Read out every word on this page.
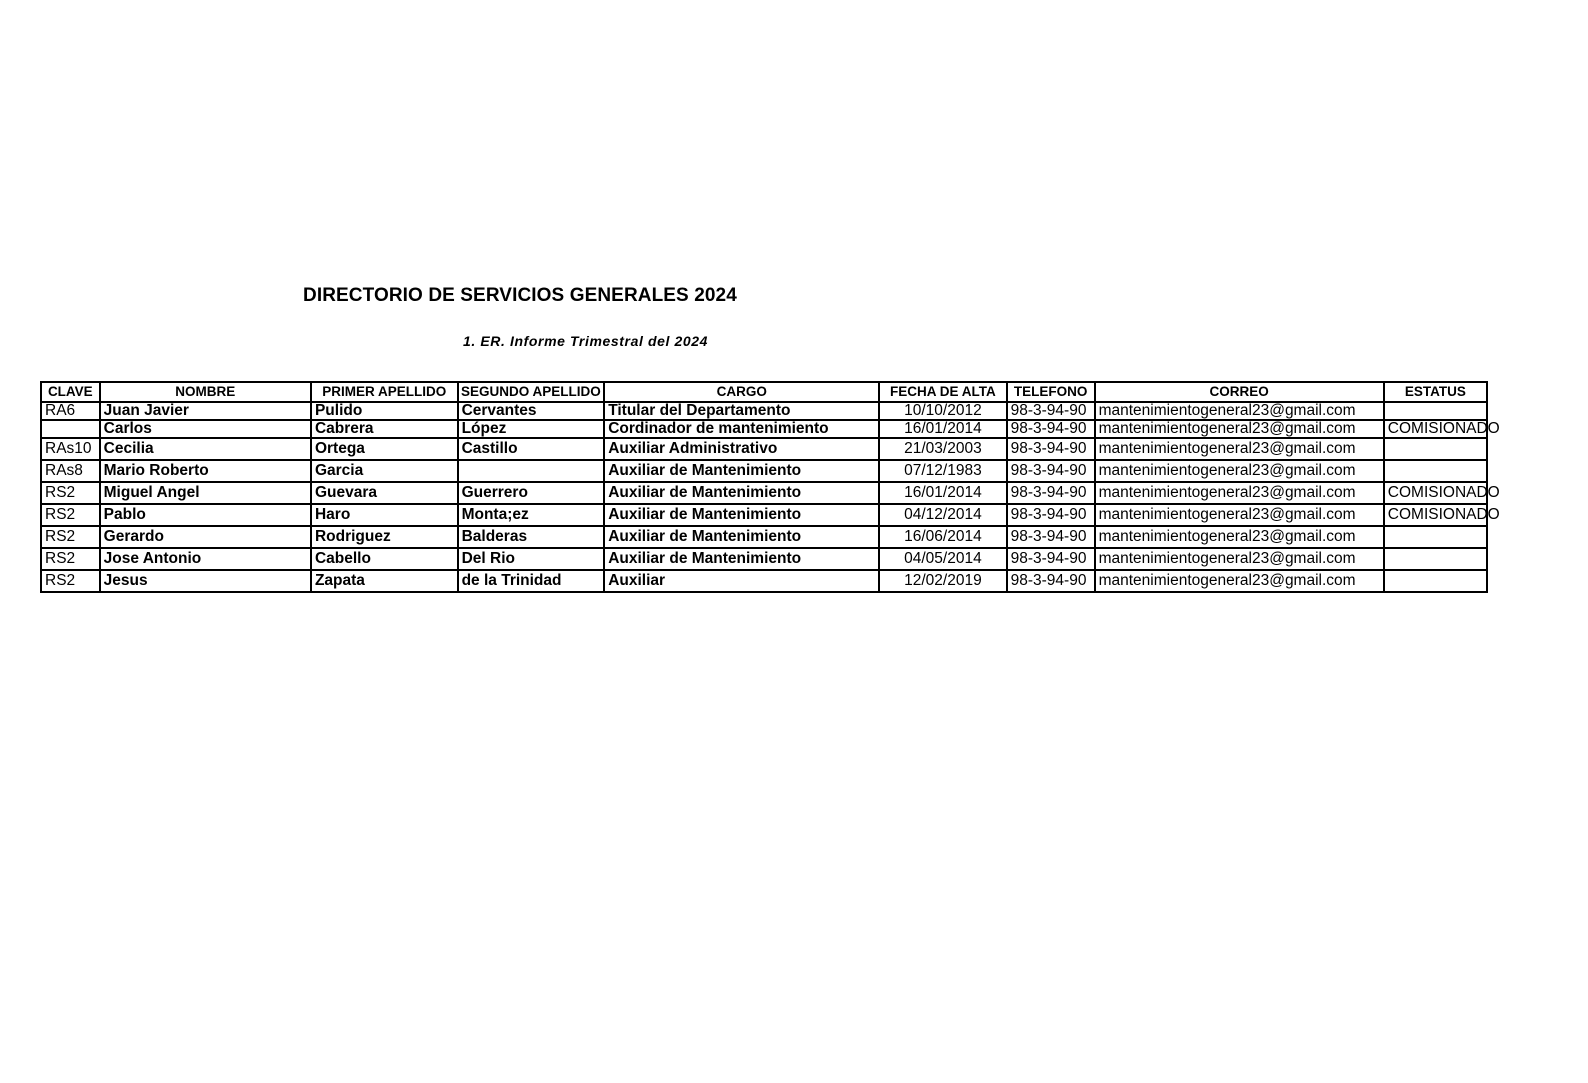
DIRECTORIO DE SERVICIOS GENERALES 2024
1. ER. Informe Trimestral del 2024
CLAVE	NOMBRE	PRIMER APELLIDO	SEGUNDO APELLIDO	CARGO	FECHA DE ALTA	TELEFONO	CORREO	ESTATUS
RA6	Juan Javier	Pulido	Cervantes	Titular del Departamento	10/10/2012	98-3-94-90	mantenimientogeneral23@gmail.com	
	Carlos	Cabrera	López	Cordinador de mantenimiento	16/01/2014	98-3-94-90	mantenimientogeneral23@gmail.com	COMISIONADO
RAs10	Cecilia	Ortega	Castillo	Auxiliar Administrativo	21/03/2003	98-3-94-90	mantenimientogeneral23@gmail.com	
RAs8	Mario Roberto	Garcia		Auxiliar de Mantenimiento	07/12/1983	98-3-94-90	mantenimientogeneral23@gmail.com	
RS2	Miguel Angel	Guevara	Guerrero	Auxiliar de Mantenimiento	16/01/2014	98-3-94-90	mantenimientogeneral23@gmail.com	COMISIONADO
RS2	Pablo	Haro	Monta;ez	Auxiliar de Mantenimiento	04/12/2014	98-3-94-90	mantenimientogeneral23@gmail.com	COMISIONADO
RS2	Gerardo	Rodriguez	Balderas	Auxiliar de Mantenimiento	16/06/2014	98-3-94-90	mantenimientogeneral23@gmail.com	
RS2	Jose Antonio	Cabello	Del Rio	Auxiliar de Mantenimiento	04/05/2014	98-3-94-90	mantenimientogeneral23@gmail.com	
RS2	Jesus	Zapata	de la Trinidad	Auxiliar	12/02/2019	98-3-94-90	mantenimientogeneral23@gmail.com	
